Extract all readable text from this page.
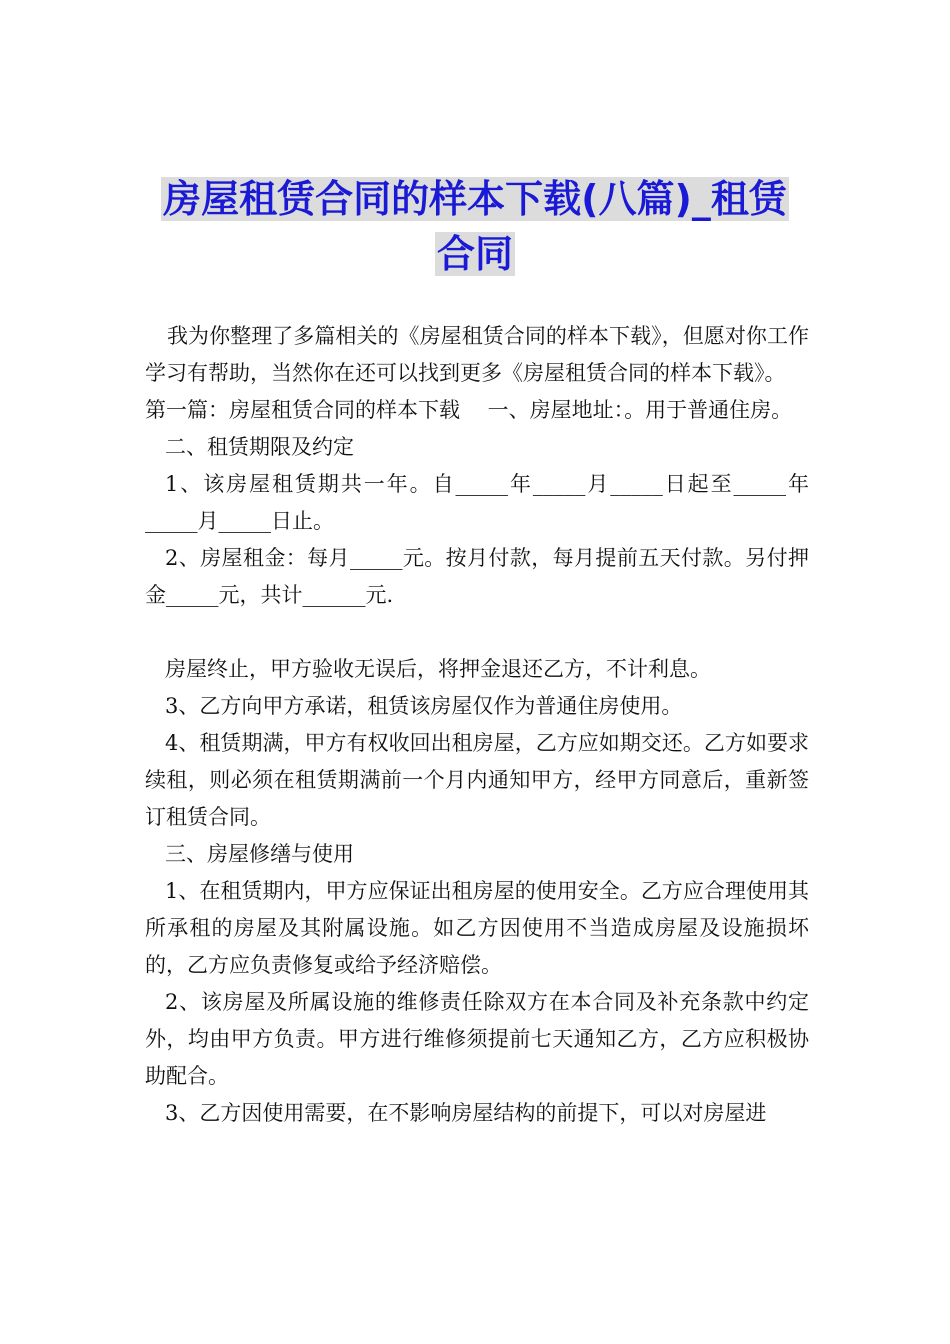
房屋租赁合同的样本下载(八篇)_租赁
合同

我为你整理了多篇相关的《房屋租赁合同的样本下载》，但愿对你工作学习有帮助，当然你在还可以找到更多《房屋租赁合同的样本下载》。

第一篇：房屋租赁合同的样本下载　 一、房屋地址：。用于普通住房。

二、租赁期限及约定

1、该房屋租赁期共一年。自_____年_____月_____日起至_____年_____月_____日止。

2、房屋租金：每月_____元。按月付款，每月提前五天付款。另付押金_____元，共计______元.

房屋终止，甲方验收无误后，将押金退还乙方，不计利息。

3、乙方向甲方承诺，租赁该房屋仅作为普通住房使用。

4、租赁期满，甲方有权收回出租房屋，乙方应如期交还。乙方如要求续租，则必须在租赁期满前一个月内通知甲方，经甲方同意后，重新签订租赁合同。

三、房屋修缮与使用

1、在租赁期内，甲方应保证出租房屋的使用安全。乙方应合理使用其所承租的房屋及其附属设施。如乙方因使用不当造成房屋及设施损坏的，乙方应负责修复或给予经济赔偿。

2、该房屋及所属设施的维修责任除双方在本合同及补充条款中约定外，均由甲方负责。甲方进行维修须提前七天通知乙方，乙方应积极协助配合。

3、乙方因使用需要，在不影响房屋结构的前提下，可以对房屋进
